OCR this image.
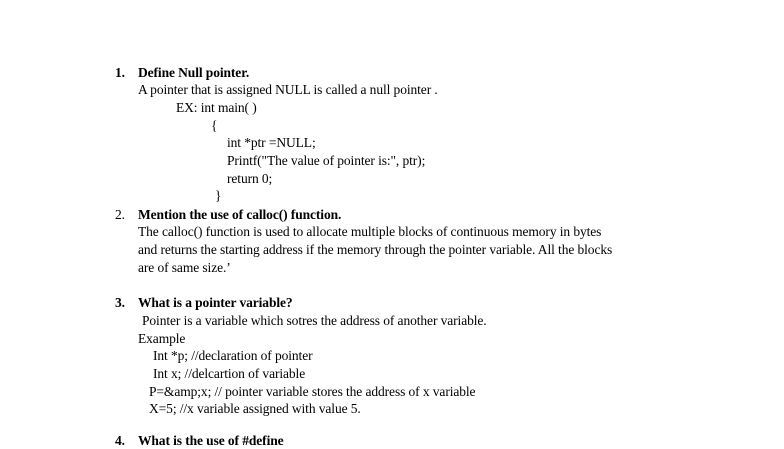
1. Define Null pointer.
A pointer that is assigned NULL is called a null pointer .
EX: int main( )
{
int *ptr =NULL;
Printf("The value of pointer is:", ptr);
return 0;
}
2. Mention the use of calloc() function.
The calloc() function is used to allocate multiple blocks of continuous memory in bytes
and returns the starting address if the memory through the pointer variable. All the blocks
are of same size.’
3. What is a pointer variable?
Pointer is a variable which sotres the address of another variable.
Example
Int *p; //declaration of pointer
Int x; //delcartion of variable
P=&amp;x; // pointer variable stores the address of x variable
X=5; //x variable assigned with value 5.
4. What is the use of #define
